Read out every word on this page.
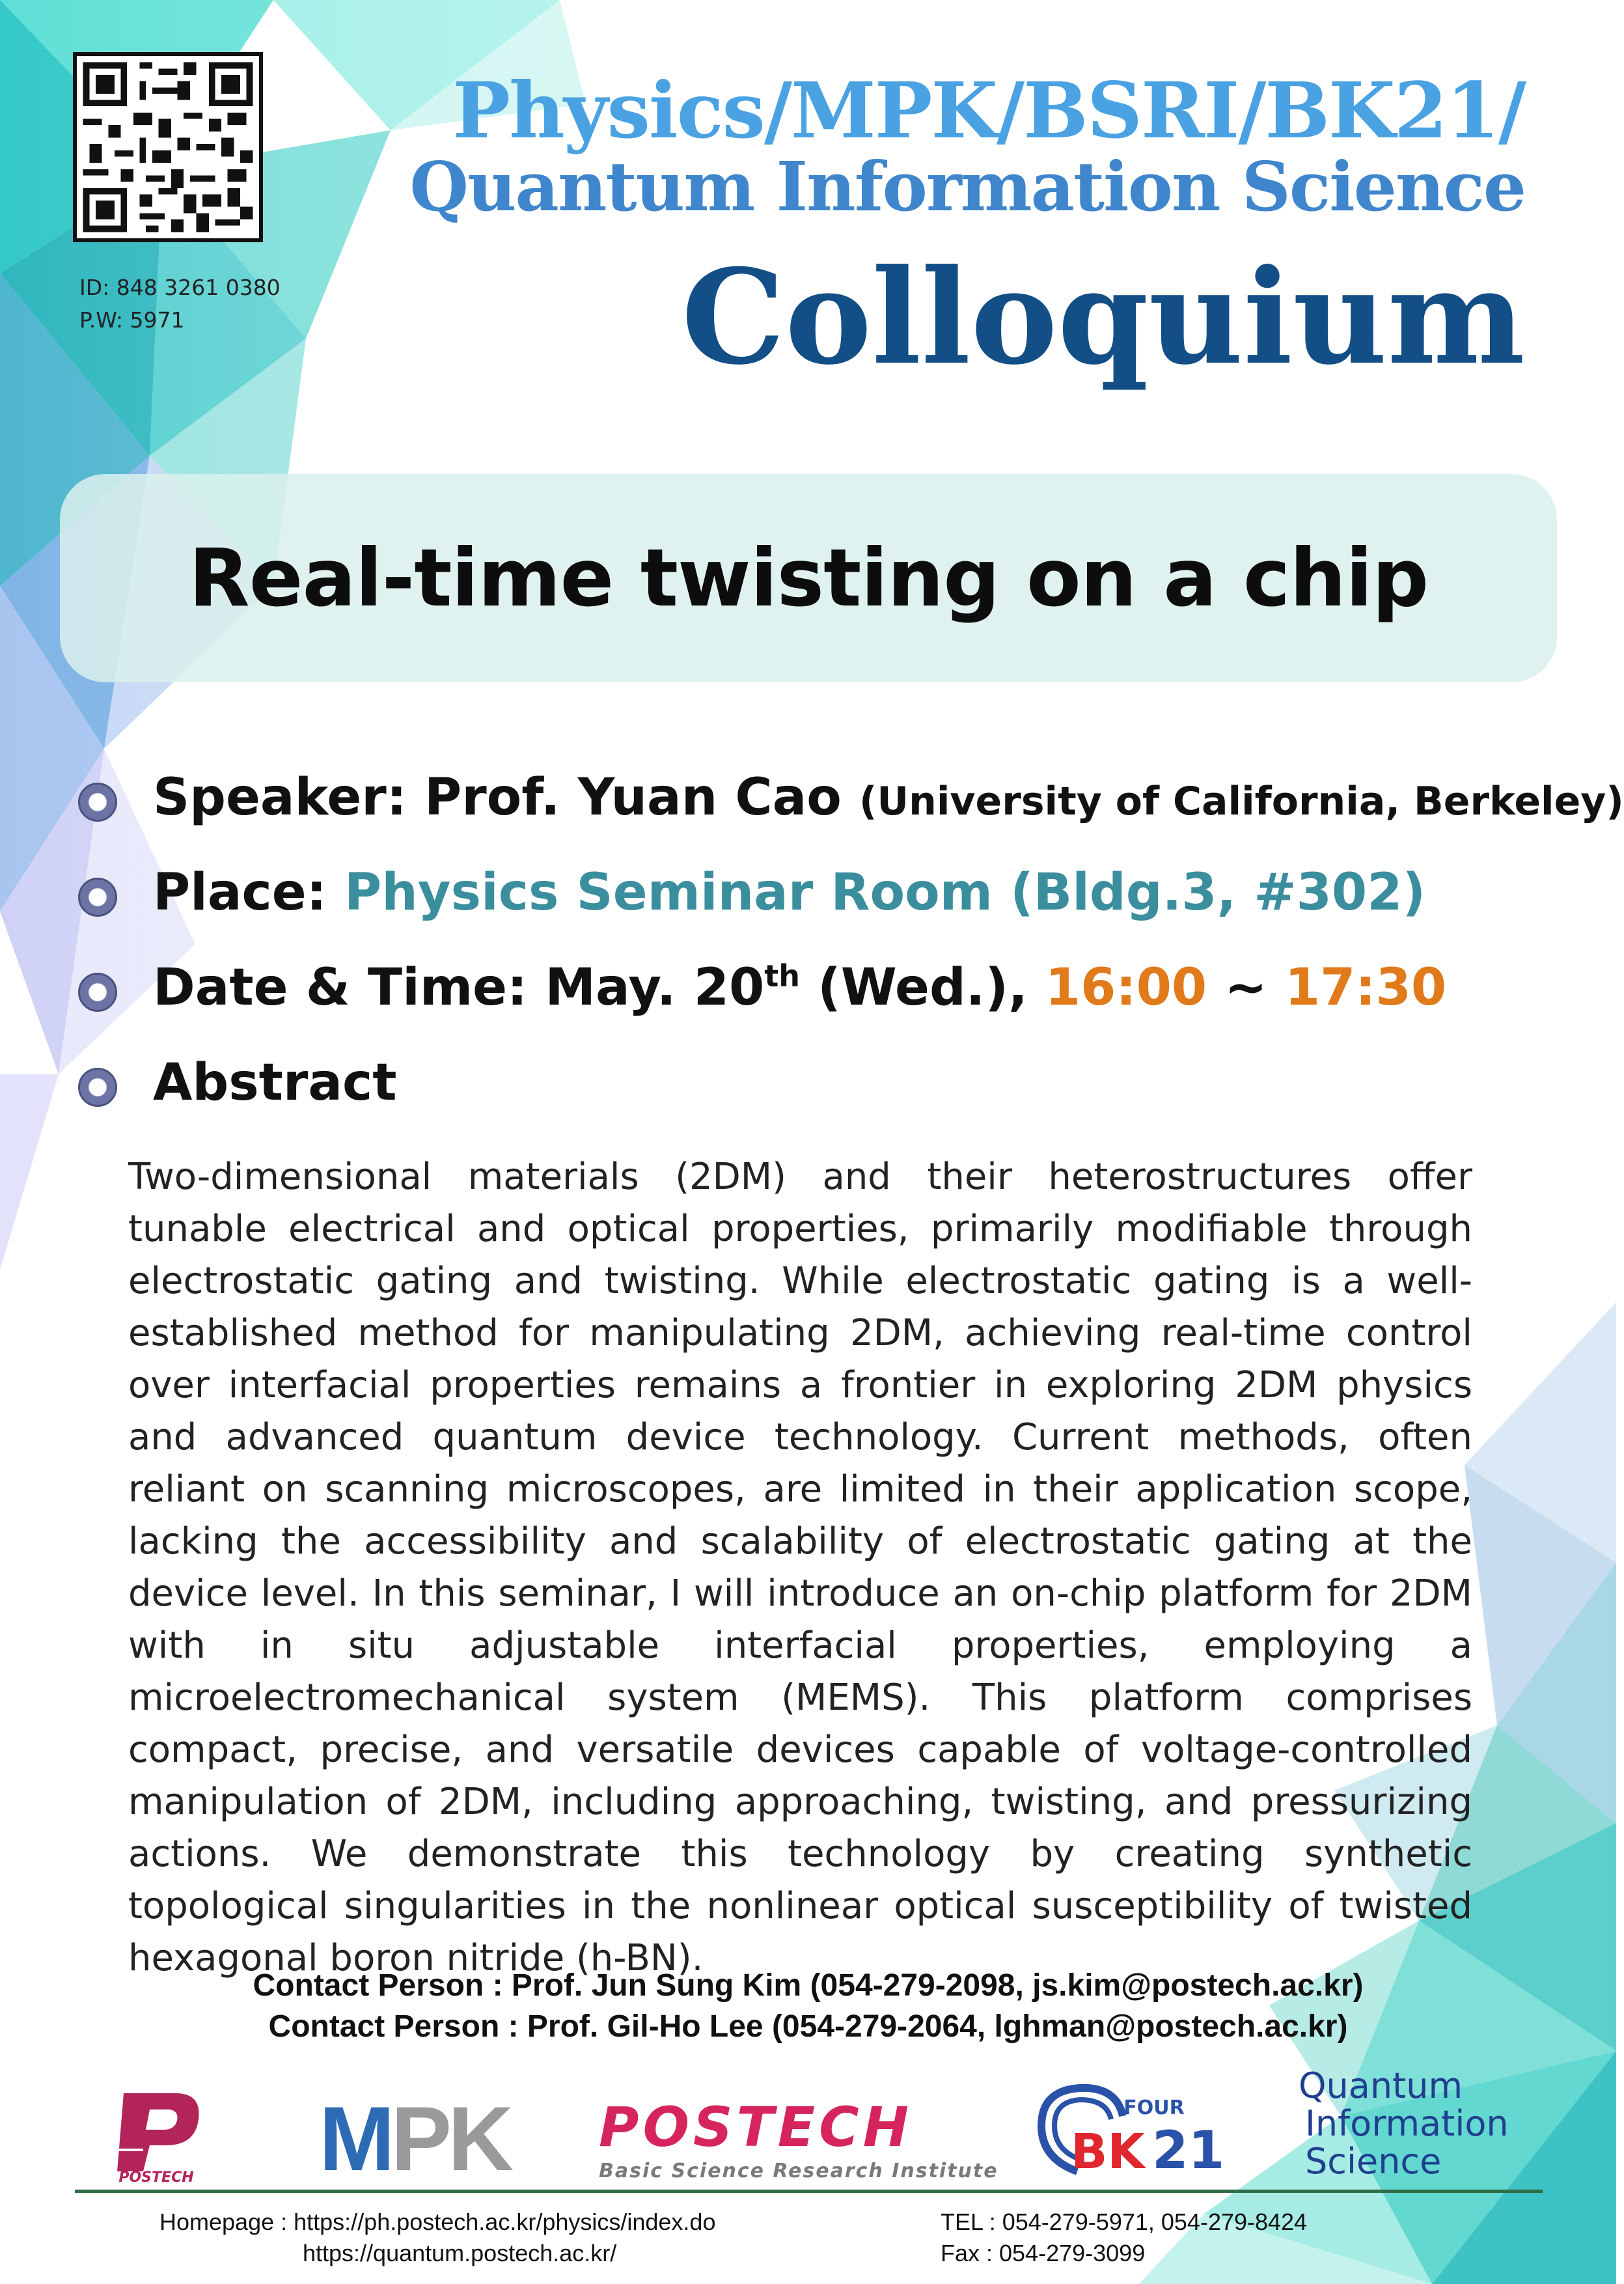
ID: 848 3261 0380
P.W: 5971
Physics/MPK/BSRI/BK21/
Quantum Information Science
Colloquium
Real-time twisting on a chip
Speaker: Prof. Yuan Cao (University of California, Berkeley)
Place: Physics Seminar Room (Bldg.3, #302)
Date & Time: May. 20th (Wed.), 16:00 ~ 17:30
Abstract
Two-dimensional materials (2DM) and their heterostructures offer tunable electrical and optical properties, primarily modifiable through electrostatic gating and twisting. While electrostatic gating is a well-established method for manipulating 2DM, achieving real-time control over interfacial properties remains a frontier in exploring 2DM physics and advanced quantum device technology. Current methods, often reliant on scanning microscopes, are limited in their application scope, lacking the accessibility and scalability of electrostatic gating at the device level. In this seminar, I will introduce an on-chip platform for 2DM with in situ adjustable interfacial properties, employing a microelectromechanical system (MEMS). This platform comprises compact, precise, and versatile devices capable of voltage-controlled manipulation of 2DM, including approaching, twisting, and pressurizing actions. We demonstrate this technology by creating synthetic topological singularities in the nonlinear optical susceptibility of twisted hexagonal boron nitride (h-BN).
Contact Person : Prof. Jun Sung Kim (054-279-2098, js.kim@postech.ac.kr)
Contact Person : Prof. Gil-Ho Lee (054-279-2064, lghman@postech.ac.kr)
POSTECH MPK POSTECH
Basic Science Research Institute
FOUR
BK 21
Quantum
Information
Science
Homepage : https://ph.postech.ac.kr/physics/index.do
https://quantum.postech.ac.kr/
TEL : 054-279-5971, 054-279-8424
Fax : 054-279-3099
